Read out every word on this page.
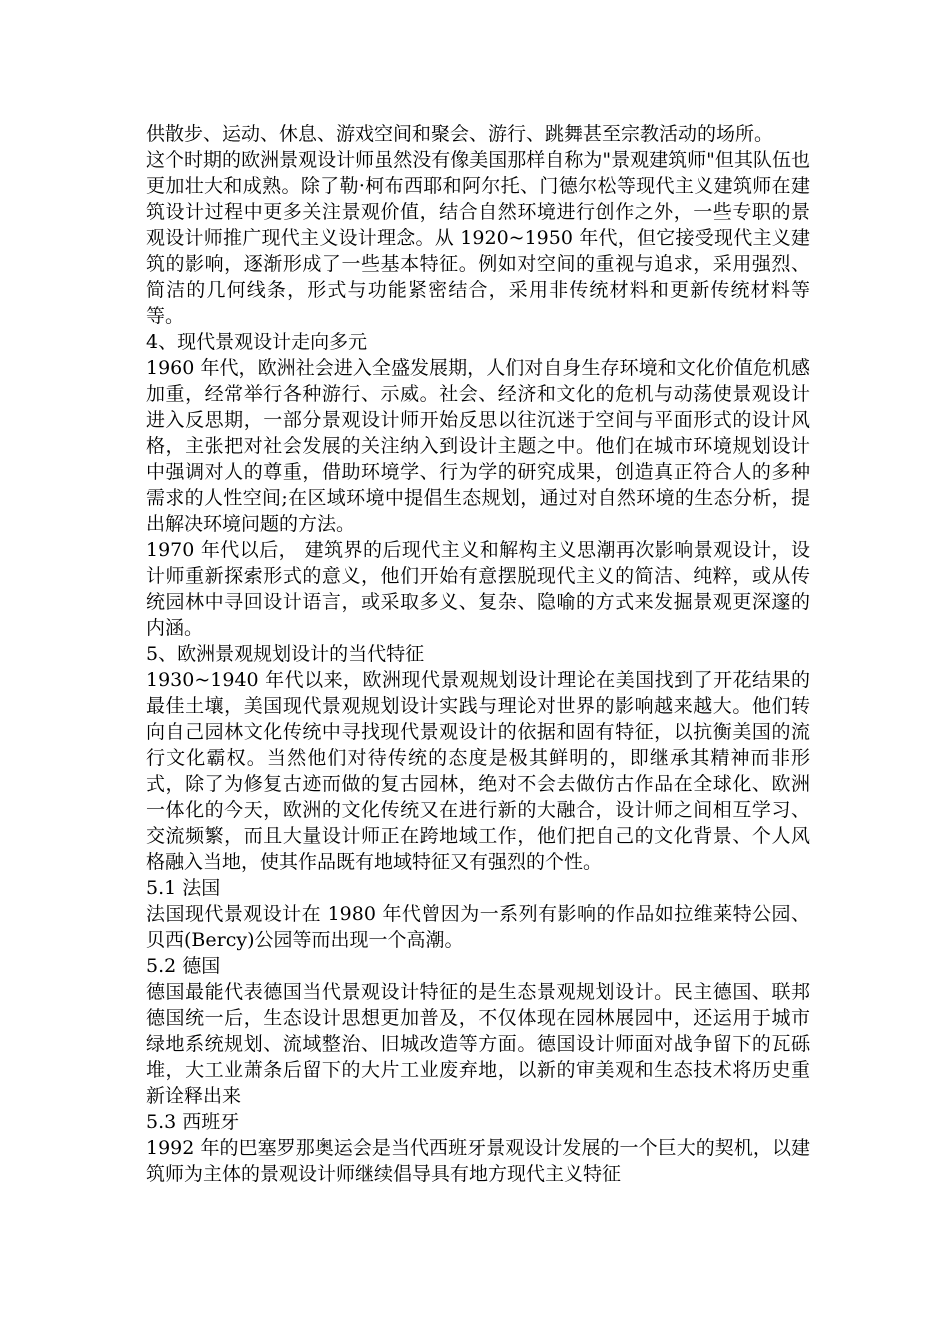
供散步、运动、休息、游戏空间和聚会、游行、跳舞甚至宗教活动的场所。

这个时期的欧洲景观设计师虽然没有像美国那样自称为"景观建筑师"但其队伍也更加壮大和成熟。除了勒·柯布西耶和阿尔托、门德尔松等现代主义建筑师在建筑设计过程中更多关注景观价值，结合自然环境进行创作之外，一些专职的景观设计师推广现代主义设计理念。从 1920~1950 年代，但它接受现代主义建筑的影响，逐渐形成了一些基本特征。例如对空间的重视与追求，采用强烈、简洁的几何线条，形式与功能紧密结合，采用非传统材料和更新传统材料等等。

4、现代景观设计走向多元

1960 年代，欧洲社会进入全盛发展期，人们对自身生存环境和文化价值危机感加重，经常举行各种游行、示威。社会、经济和文化的危机与动荡使景观设计进入反思期，一部分景观设计师开始反思以往沉迷于空间与平面形式的设计风格，主张把对社会发展的关注纳入到设计主题之中。他们在城市环境规划设计中强调对人的尊重，借助环境学、行为学的研究成果，创造真正符合人的多种需求的人性空间;在区域环境中提倡生态规划，通过对自然环境的生态分析，提出解决环境问题的方法。

1970 年代以后， 建筑界的后现代主义和解构主义思潮再次影响景观设计，设计师重新探索形式的意义，他们开始有意摆脱现代主义的简洁、纯粹，或从传统园林中寻回设计语言，或采取多义、复杂、隐喻的方式来发掘景观更深邃的内涵。

5、欧洲景观规划设计的当代特征

1930~1940 年代以来，欧洲现代景观规划设计理论在美国找到了开花结果的最佳土壤，美国现代景观规划设计实践与理论对世界的影响越来越大。他们转向自己园林文化传统中寻找现代景观设计的依据和固有特征，以抗衡美国的流行文化霸权。当然他们对待传统的态度是极其鲜明的，即继承其精神而非形式，除了为修复古迹而做的复古园林，绝对不会去做仿古作品在全球化、欧洲一体化的今天，欧洲的文化传统又在进行新的大融合，设计师之间相互学习、交流频繁，而且大量设计师正在跨地域工作，他们把自己的文化背景、个人风格融入当地，使其作品既有地域特征又有强烈的个性。

5.1 法国

法国现代景观设计在 1980 年代曾因为一系列有影响的作品如拉维莱特公园、贝西(Bercy)公园等而出现一个高潮。

5.2 德国

德国最能代表德国当代景观设计特征的是生态景观规划设计。民主德国、联邦德国统一后，生态设计思想更加普及，不仅体现在园林展园中，还运用于城市绿地系统规划、流域整治、旧城改造等方面。德国设计师面对战争留下的瓦砾堆，大工业萧条后留下的大片工业废弃地，以新的审美观和生态技术将历史重新诠释出来

5.3 西班牙

1992 年的巴塞罗那奥运会是当代西班牙景观设计发展的一个巨大的契机，以建筑师为主体的景观设计师继续倡导具有地方现代主义特征
